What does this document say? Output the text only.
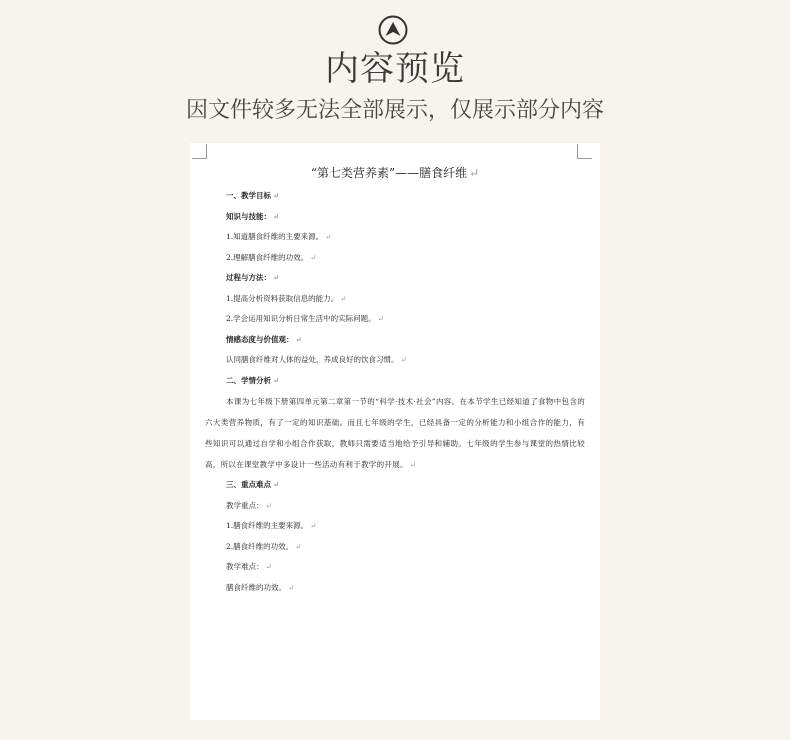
内容预览
因文件较多无法全部展示，仅展示部分内容
“第七类营养素”——膳食纤维 ↵
一、教学目标 ↵
知识与技能： ↵
1.知道膳食纤维的主要来源。 ↵
2.理解膳食纤维的功效。 ↵
过程与方法： ↵
1.提高分析资料获取信息的能力。 ↵
2.学会运用知识分析日常生活中的实际问题。 ↵
情感态度与价值观： ↵
认同膳食纤维对人体的益处，养成良好的饮食习惯。 ↵
二、学情分析 ↵
本课为七年级下册第四单元第二章第一节的“科学·技术·社会”内容。在本节学生已经知道了食物中包含的六大类营养物质，有了一定的知识基础。而且七年级的学生，已经具备一定的分析能力和小组合作的能力，有些知识可以通过自学和小组合作获取，教师只需要适当地给予引导和辅助。七年级的学生参与课堂的热情比较高，所以在课堂教学中多设计一些活动有利于教学的开展。 ↵
三、重点难点 ↵
教学重点： ↵
1.膳食纤维的主要来源。 ↵
2.膳食纤维的功效。 ↵
教学难点： ↵
膳食纤维的功效。 ↵
